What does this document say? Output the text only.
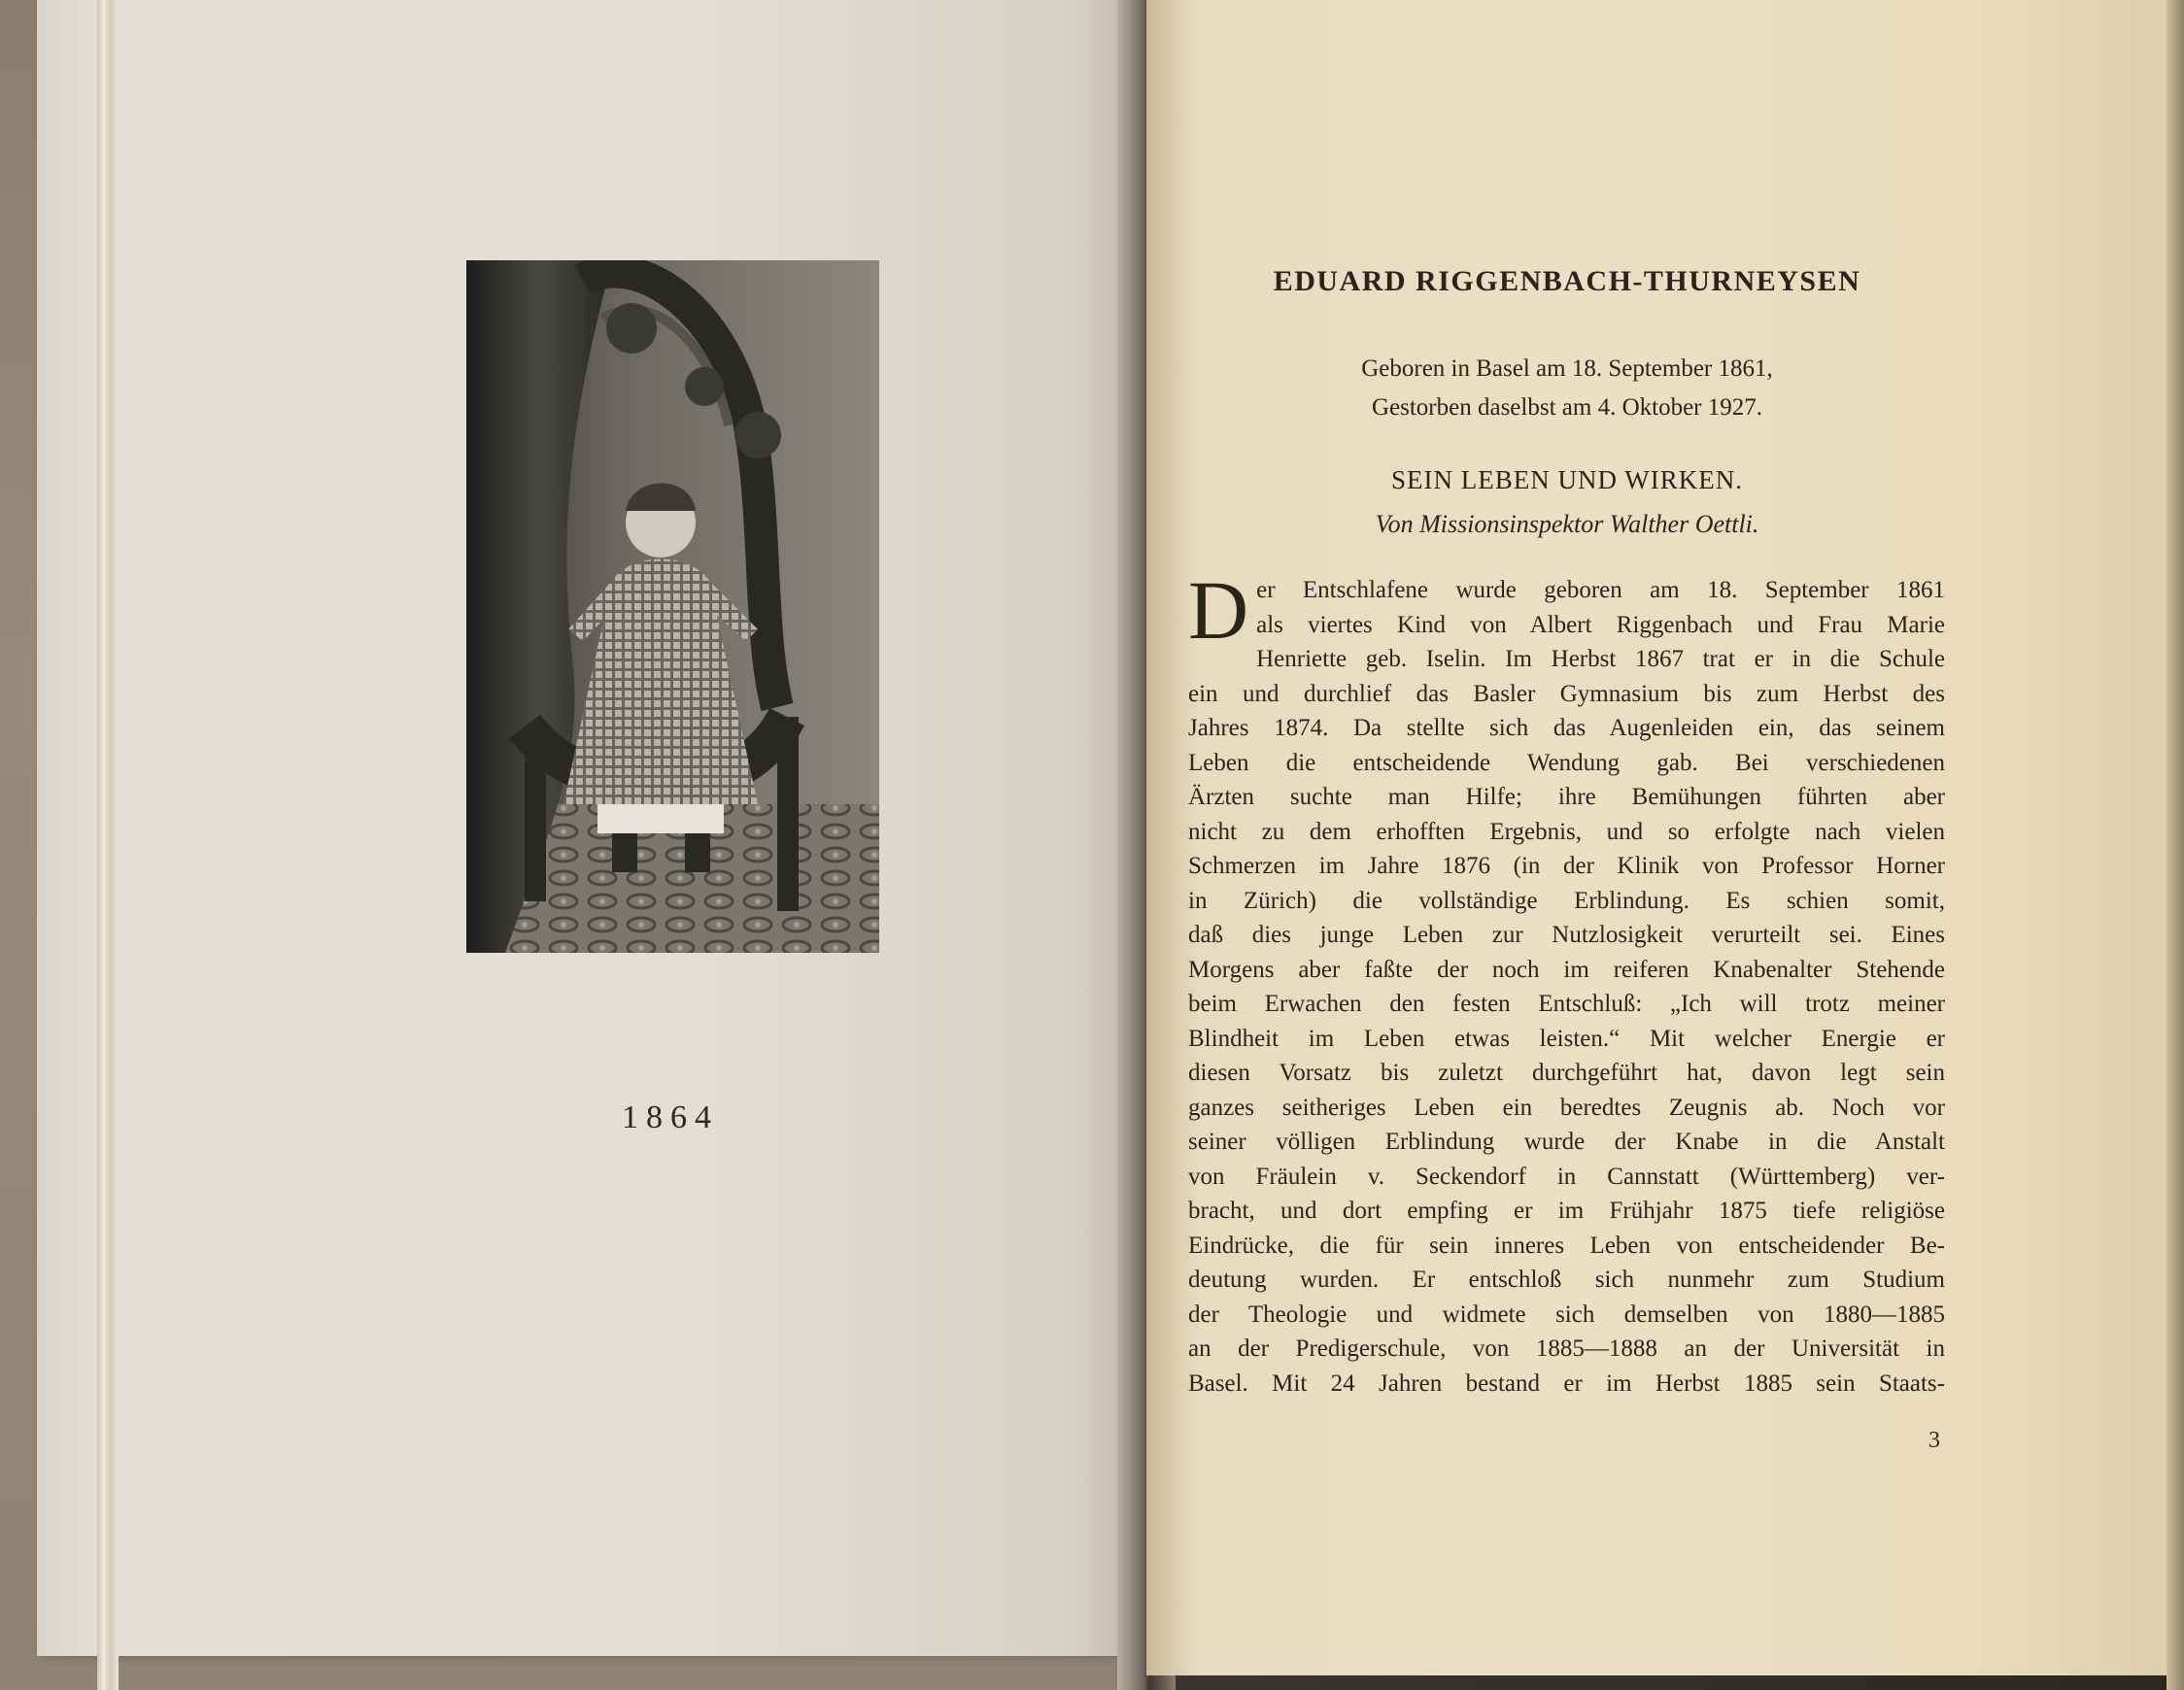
1864
EDUARD RIGGENBACH-THURNEYSEN
Geboren in Basel am 18. September 1861,
Gestorben daselbst am 4. Oktober 1927.
SEIN LEBEN UND WIRKEN.
Von Missionsinspektor Walther Oettli.
D er Entschlafene wurde geboren am 18. September 1861
als viertes Kind von Albert Riggenbach und Frau Marie
Henriette geb. Iselin. Im Herbst 1867 trat er in die Schule
ein und durchlief das Basler Gymnasium bis zum Herbst des
Jahres 1874. Da stellte sich das Augenleiden ein, das seinem
Leben die entscheidende Wendung gab. Bei verschiedenen
Ärzten suchte man Hilfe; ihre Bemühungen führten aber
nicht zu dem erhofften Ergebnis, und so erfolgte nach vielen
Schmerzen im Jahre 1876 (in der Klinik von Professor Horner
in Zürich) die vollständige Erblindung. Es schien somit,
daß dies junge Leben zur Nutzlosigkeit verurteilt sei. Eines
Morgens aber faßte der noch im reiferen Knabenalter Stehende
beim Erwachen den festen Entschluß: „Ich will trotz meiner
Blindheit im Leben etwas leisten.“ Mit welcher Energie er
diesen Vorsatz bis zuletzt durchgeführt hat, davon legt sein
ganzes seitheriges Leben ein beredtes Zeugnis ab. Noch vor
seiner völligen Erblindung wurde der Knabe in die Anstalt
von Fräulein v. Seckendorf in Cannstatt (Württemberg) ver-
bracht, und dort empfing er im Frühjahr 1875 tiefe religiöse
Eindrücke, die für sein inneres Leben von entscheidender Be-
deutung wurden. Er entschloß sich nunmehr zum Studium
der Theologie und widmete sich demselben von 1880—1885
an der Predigerschule, von 1885—1888 an der Universität in
Basel. Mit 24 Jahren bestand er im Herbst 1885 sein Staats-
3
